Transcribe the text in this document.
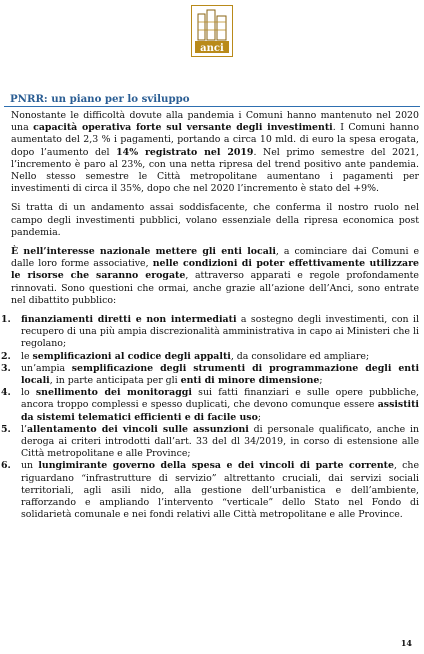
anci
PNRR: un piano per lo sviluppo

Nonostante le difficoltà dovute alla pandemia i Comuni hanno mantenuto nel 2020 una capacità operativa forte sul versante degli investimenti. I Comuni hanno aumentato del 2,3 % i pagamenti, portando a circa 10 mld. di euro la spesa erogata, dopo l’aumento del 14% registrato nel 2019. Nel primo semestre del 2021, l’incremento è paro al 23%, con una netta ripresa del trend positivo ante pandemia. Nello stesso semestre le Città metropolitane aumentano i pagamenti per investimenti di circa il 35%, dopo che nel 2020 l’incremento è stato del +9%.

Si tratta di un andamento assai soddisfacente, che conferma il nostro ruolo nel campo degli investimenti pubblici, volano essenziale della ripresa economica post pandemia.

È nell’interesse nazionale mettere gli enti locali, a cominciare dai Comuni e dalle loro forme associative, nelle condizioni di poter effettivamente utilizzare le risorse che saranno erogate, attraverso apparati e regole profondamente rinnovati. Sono questioni che ormai, anche grazie all’azione dell’Anci, sono entrate nel dibattito pubblico:

1.	finanziamenti diretti e non intermediati a sostegno degli investimenti, con il recupero di una più ampia discrezionalità amministrativa in capo ai Ministeri che li regolano;
2.	le semplificazioni al codice degli appalti, da consolidare ed ampliare;
3.	un’ampia semplificazione degli strumenti di programmazione degli enti locali, in parte anticipata per gli enti di minore dimensione;
4.	lo snellimento dei monitoraggi sui fatti finanziari e sulle opere pubbliche, ancora troppo complessi e spesso duplicati, che devono comunque essere assistiti da sistemi telematici efficienti e di facile uso;
5.	l’allentamento dei vincoli sulle assunzioni di personale qualificato, anche in deroga ai criteri introdotti dall’art. 33 del dl 34/2019, in corso di estensione alle Città metropolitane e alle Province;
6.	un lungimirante governo della spesa e dei vincoli di parte corrente, che riguardano “infrastrutture di servizio” altrettanto cruciali, dai servizi sociali territoriali, agli asili nido, alla gestione dell’urbanistica e dell’ambiente, rafforzando e ampliando l’intervento “verticale” dello Stato nel Fondo di solidarietà comunale e nei fondi relativi alle Città metropolitane e alle Province.
14
